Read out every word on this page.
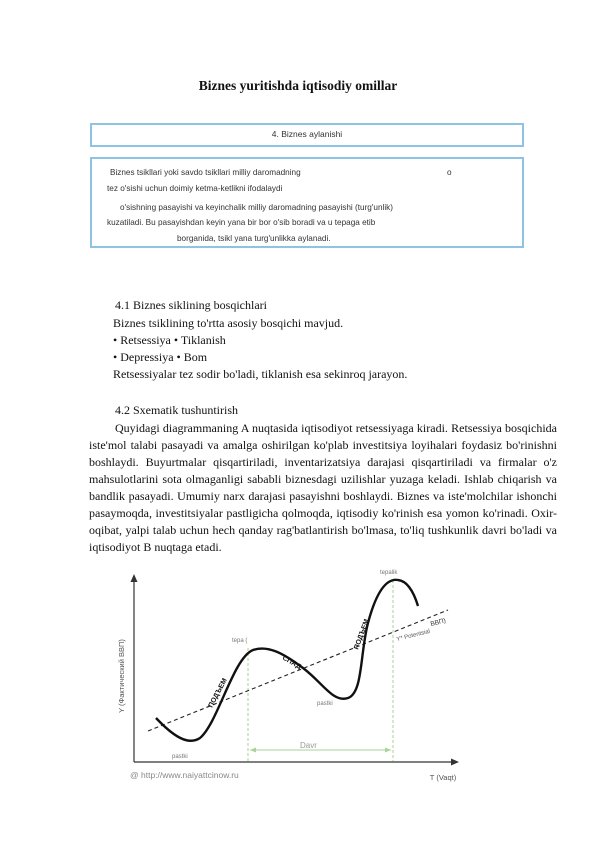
Biznes yuritishda iqtisodiy omillar
4. Biznes aylanishi
Biznes tsikllari yoki savdo tsikllari milliy daromadning	o
tez o'sishi uchun doimiy ketma-ketlikni ifodalaydi
o'sishning pasayishi va keyinchalik milliy daromadning pasayishi (turg'unlik)
kuzatiladi. Bu pasayishdan keyin yana bir bor o'sib boradi va u tepaga etib
borganida, tsikl yana turg'unlikka aylanadi.
4.1 Biznes siklining bosqichlari
Biznes tsiklining to'rtta asosiy bosqichi mavjud.
• Retsessiya • Tiklanish
• Depressiya • Bom
Retsessiyalar tez sodir bo'ladi, tiklanish esa sekinroq jarayon.
4.2 Sxematik tushuntirish
Quyidagi diagrammaning A nuqtasida iqtisodiyot retsessiyaga kiradi. Retsessiya bosqichida iste'mol talabi pasayadi va amalga oshirilgan ko'plab investitsiya loyihalari foydasiz bo'rinishni boshlaydi. Buyurtmalar qisqartiriladi, inventarizatsiya darajasi qisqartiriladi va firmalar o'z mahsulotlarini sota olmaganligi sababli biznesdagi uzilishlar yuzaga keladi. Ishlab chiqarish va bandlik pasayadi. Umumiy narx darajasi pasayishni boshlaydi. Biznes va iste'molchilar ishonchi pasaymoqda, investitsiyalar pastligicha qolmoqda, iqtisodiy ko'rinish esa yomon ko'rinadi. Oxir-oqibat, yalpi talab uchun hech qanday rag'batlantirish bo'lmasa, to'liq tushkunlik davri bo'ladi va iqtisodiyot B nuqtaga etadi.
Y (Фактический ВВП)
T (Vaqt)
@ http://www.naiyattcinow.ru
Davr
tepalik
tepa (
pastki
pastki
ПОДЪЕМ
СПАД
ПОДЪЕМ	Y* Potentsial
ВВП)
